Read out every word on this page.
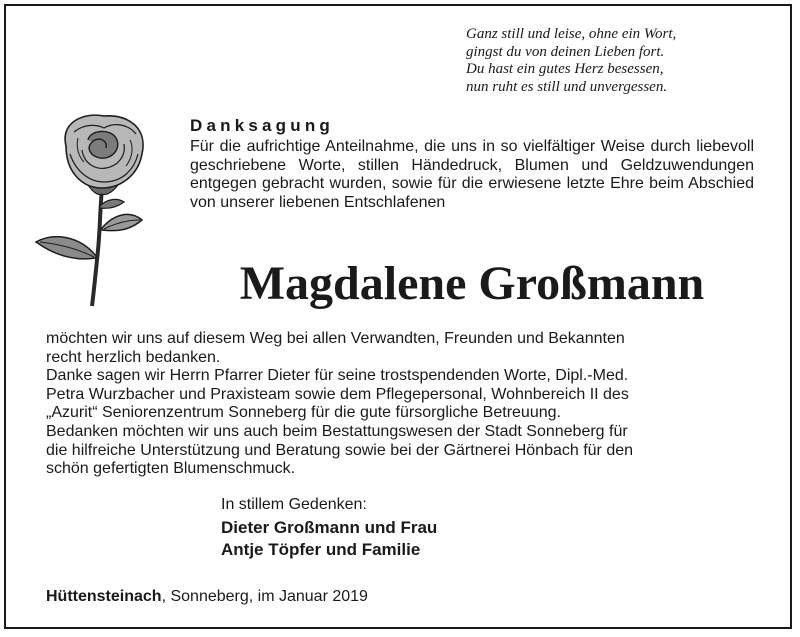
Ganz still und leise, ohne ein Wort,
gingst du von deinen Lieben fort.
Du hast ein gutes Herz besessen,
nun ruht es still und unvergessen.
Danksagung
Für die aufrichtige Anteilnahme, die uns in so vielfältiger Weise durch liebevoll geschriebene Worte, stillen Händedruck, Blumen und Geldzuwendungen entgegen gebracht wurden, sowie für die erwiesene letzte Ehre beim Abschied von unserer liebenen Entschlafenen
Magdalene Großmann
möchten wir uns auf diesem Weg bei allen Verwandten, Freunden und Bekannten
recht herzlich bedanken.
Danke sagen wir Herrn Pfarrer Dieter für seine trostspendenden Worte, Dipl.-Med.
Petra Wurzbacher und Praxisteam sowie dem Pflegepersonal, Wohnbereich II des
„Azurit“ Seniorenzentrum Sonneberg für die gute fürsorgliche Betreuung.
Bedanken möchten wir uns auch beim Bestattungswesen der Stadt Sonneberg für
die hilfreiche Unterstützung und Beratung sowie bei der Gärtnerei Hönbach für den
schön gefertigten Blumenschmuck.
In stillem Gedenken:
Dieter Großmann und Frau
Antje Töpfer und Familie
Hüttensteinach, Sonneberg, im Januar 2019
